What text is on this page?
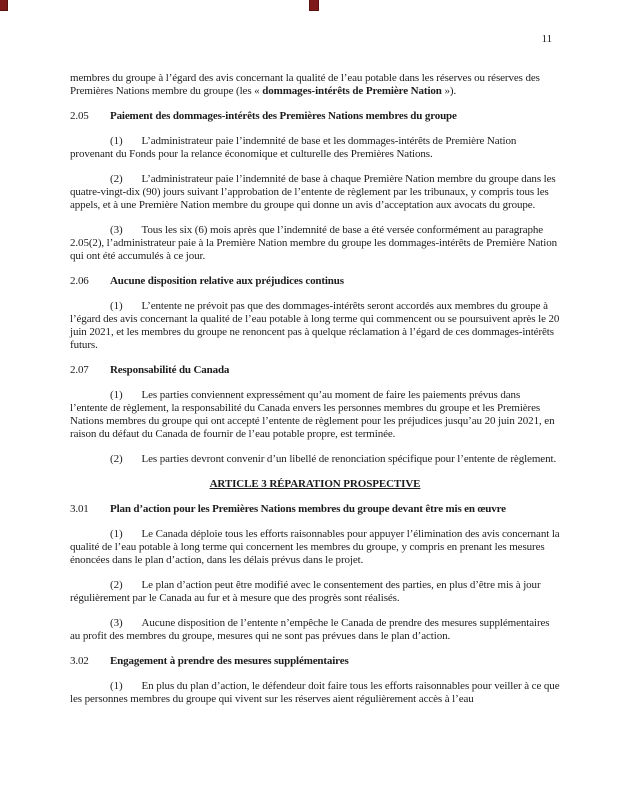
11

membres du groupe à l’égard des avis concernant la qualité de l’eau potable dans les réserves ou réserves des Premières Nations membre du groupe (les « dommages-intérêts de Première Nation »).

2.05	Paiement des dommages-intérêts des Premières Nations membres du groupe

(1) L’administrateur paie l’indemnité de base et les dommages-intérêts de Première Nation provenant du Fonds pour la relance économique et culturelle des Premières Nations.

(2) L’administrateur paie l’indemnité de base à chaque Première Nation membre du groupe dans les quatre-vingt-dix (90) jours suivant l’approbation de l’entente de règlement par les tribunaux, y compris tous les appels, et à une Première Nation membre du groupe qui donne un avis d’acceptation aux avocats du groupe.

(3) Tous les six (6) mois après que l’indemnité de base a été versée conformément au paragraphe 2.05(2), l’administrateur paie à la Première Nation membre du groupe les dommages-intérêts de Première Nation qui ont été accumulés à ce jour.

2.06	Aucune disposition relative aux préjudices continus

(1) L’entente ne prévoit pas que des dommages-intérêts seront accordés aux membres du groupe à l’égard des avis concernant la qualité de l’eau potable à long terme qui commencent ou se poursuivent après le 20 juin 2021, et les membres du groupe ne renoncent pas à quelque réclamation à l’égard de ces dommages-intérêts futurs.

2.07	Responsabilité du Canada

(1) Les parties conviennent expressément qu’au moment de faire les paiements prévus dans l’entente de règlement, la responsabilité du Canada envers les personnes membres du groupe et les Premières Nations membres du groupe qui ont accepté l’entente de règlement pour les préjudices jusqu’au 20 juin 2021, en raison du défaut du Canada de fournir de l’eau potable propre, est terminée.

(2) Les parties devront convenir d’un libellé de renonciation spécifique pour l’entente de règlement.

ARTICLE 3 RÉPARATION PROSPECTIVE
3.01	Plan d’action pour les Premières Nations membres du groupe devant être mis en œuvre

(1) Le Canada déploie tous les efforts raisonnables pour appuyer l’élimination des avis concernant la qualité de l’eau potable à long terme qui concernent les membres du groupe, y compris en prenant les mesures énoncées dans le plan d’action, dans les délais prévus dans le projet.

(2) Le plan d’action peut être modifié avec le consentement des parties, en plus d’être mis à jour régulièrement par le Canada au fur et à mesure que des progrès sont réalisés.

(3) Aucune disposition de l’entente n’empêche le Canada de prendre des mesures supplémentaires au profit des membres du groupe, mesures qui ne sont pas prévues dans le plan d’action.

3.02	Engagement à prendre des mesures supplémentaires

(1) En plus du plan d’action, le défendeur doit faire tous les efforts raisonnables pour veiller à ce que les personnes membres du groupe qui vivent sur les réserves aient régulièrement accès à l’eau
